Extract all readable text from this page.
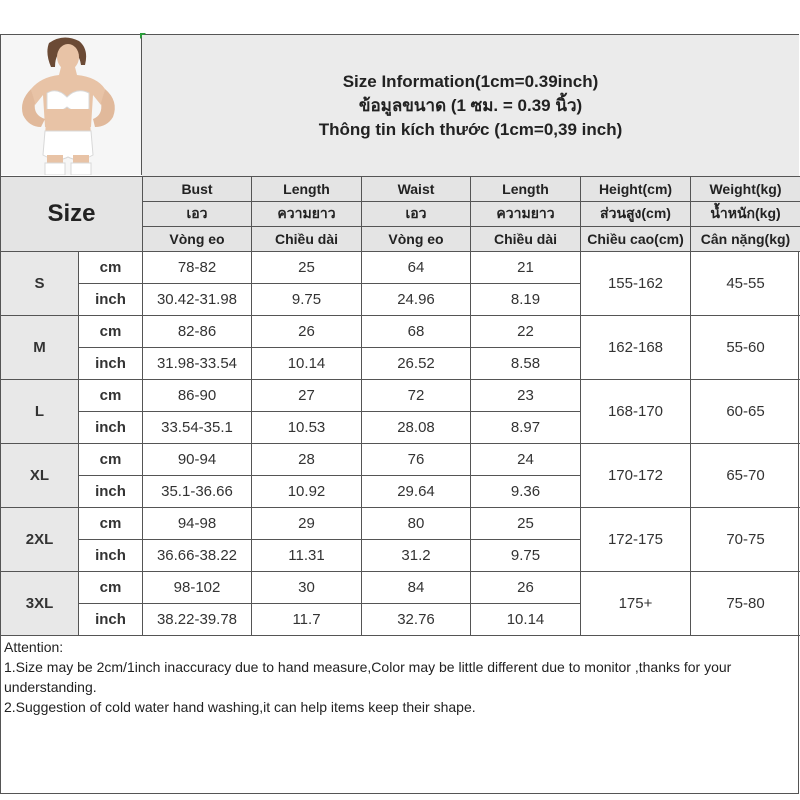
Size Information(1cm=0.39inch)
ข้อมูลขนาด (1 ซม. = 0.39 นิ้ว)
Thông tin kích thước (1cm=0,39 inch)
Size		Bust	Length	Waist	Length	Height(cm)	Weight(kg)
		เอว	ความยาว	เอว	ความยาว	ส่วนสูง(cm)	น้ำหนัก(kg)
		Vòng eo	Chiều dài	Vòng eo	Chiều dài	Chiều cao(cm)	Cân nặng(kg)
S	cm	78-82	25	64	21	155-162	45-55
	inch	30.42-31.98	9.75	24.96	8.19		
M	cm	82-86	26	68	22	162-168	55-60
	inch	31.98-33.54	10.14	26.52	8.58		
L	cm	86-90	27	72	23	168-170	60-65
	inch	33.54-35.1	10.53	28.08	8.97		
XL	cm	90-94	28	76	24	170-172	65-70
	inch	35.1-36.66	10.92	29.64	9.36		
2XL	cm	94-98	29	80	25	172-175	70-75
	inch	36.66-38.22	11.31	31.2	9.75		
3XL	cm	98-102	30	84	26	175+	75-80
	inch	38.22-39.78	11.7	32.76	10.14		
Attention:
1.Size may be 2cm/1inch inaccuracy due to hand measure,Color may be little different due to monitor ,thanks for your understanding.
2.Suggestion of cold water hand washing,it can help items keep their shape.
